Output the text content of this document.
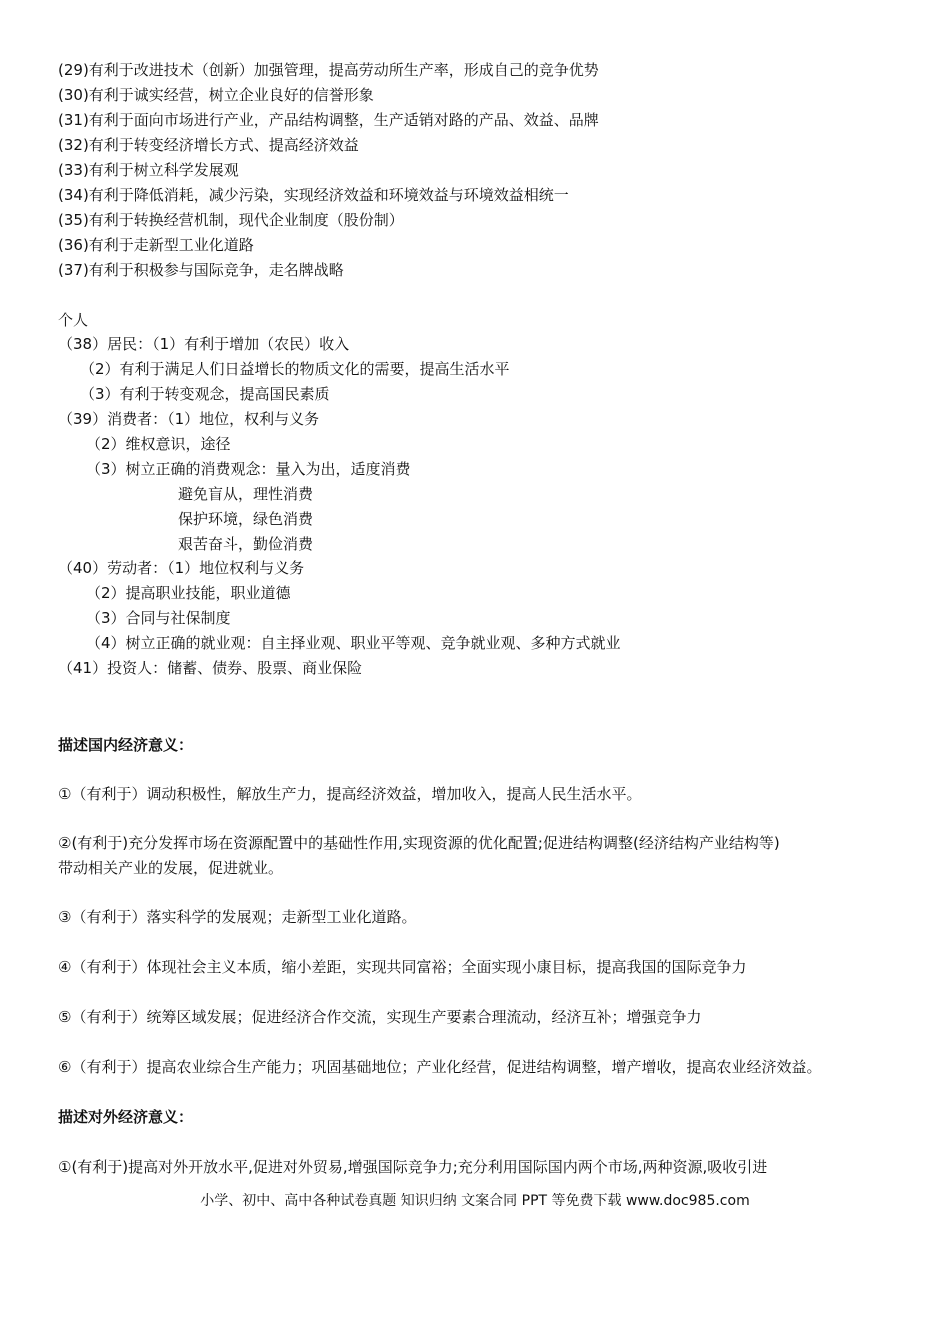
(29)有利于改进技术（创新）加强管理，提高劳动所生产率，形成自己的竞争优势
(30)有利于诚实经营，树立企业良好的信誉形象
(31)有利于面向市场进行产业，产品结构调整，生产适销对路的产品、效益、品牌
(32)有利于转变经济增长方式、提高经济效益
(33)有利于树立科学发展观
(34)有利于降低消耗，减少污染，实现经济效益和环境效益与环境效益相统一
(35)有利于转换经营机制，现代企业制度（股份制）
(36)有利于走新型工业化道路
(37)有利于积极参与国际竞争，走名牌战略
个人
（38）居民：（1）有利于增加（农民）收入
（2）有利于满足人们日益增长的物质文化的需要，提高生活水平
（3）有利于转变观念，提高国民素质
（39）消费者：（1）地位，权利与义务
（2）维权意识，途径
（3）树立正确的消费观念：量入为出，适度消费
避免盲从，理性消费
保护环境，绿色消费
艰苦奋斗，勤俭消费
（40）劳动者：（1）地位权利与义务
（2）提高职业技能，职业道德
（3）合同与社保制度
（4）树立正确的就业观：自主择业观、职业平等观、竞争就业观、多种方式就业
（41）投资人：储蓄、债券、股票、商业保险
描述国内经济意义：
①（有利于）调动积极性，解放生产力，提高经济效益，增加收入，提高人民生活水平。
②(有利于)充分发挥市场在资源配置中的基础性作用,实现资源的优化配置;促进结构调整(经济结构产业结构等)
带动相关产业的发展，促进就业。
③（有利于）落实科学的发展观；走新型工业化道路。
④（有利于）体现社会主义本质，缩小差距，实现共同富裕；全面实现小康目标，提高我国的国际竞争力
⑤（有利于）统筹区域发展；促进经济合作交流，实现生产要素合理流动，经济互补；增强竞争力
⑥（有利于）提高农业综合生产能力；巩固基础地位；产业化经营，促进结构调整，增产增收，提高农业经济效益。
描述对外经济意义：
①(有利于)提高对外开放水平,促进对外贸易,增强国际竞争力;充分利用国际国内两个市场,两种资源,吸收引进
小学、初中、高中各种试卷真题 知识归纳 文案合同 PPT 等免费下载 www.doc985.com
